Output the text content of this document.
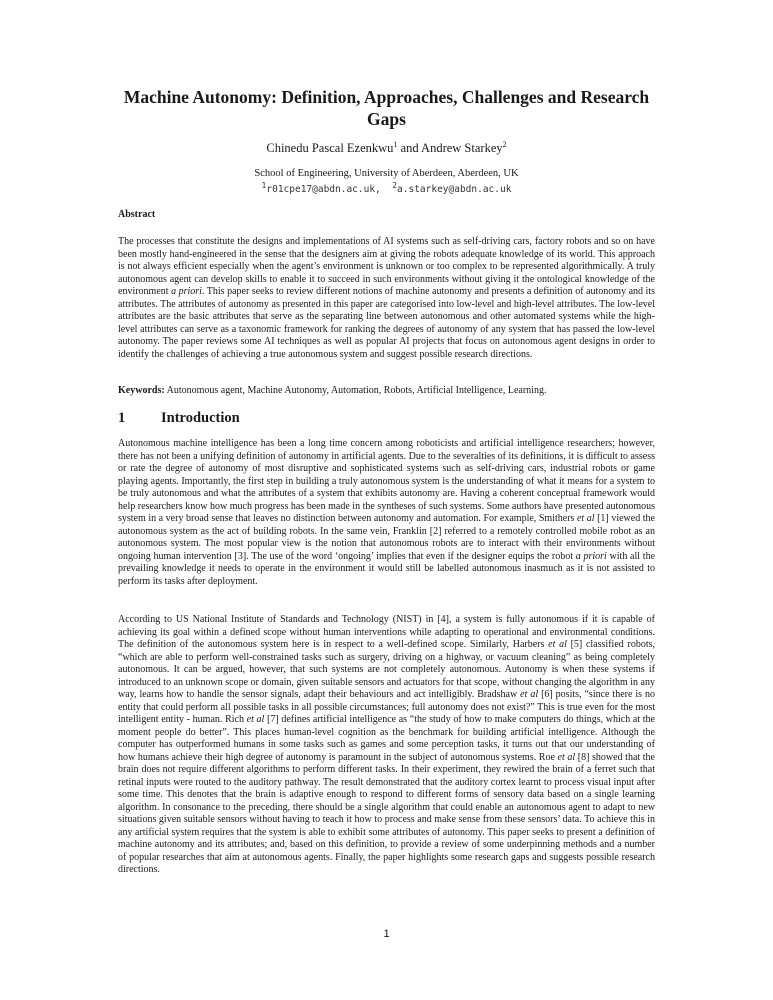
Machine Autonomy: Definition, Approaches, Challenges and Research Gaps
Chinedu Pascal Ezenkwu$^1$ and Andrew Starkey$^2$
School of Engineering, University of Aberdeen, Aberdeen, UK
$^1$r01cpe17@abdn.ac.uk, $^2$a.starkey@abdn.ac.uk
Abstract
The processes that constitute the designs and implementations of AI systems such as self-driving cars, factory robots and so on have been mostly hand-engineered in the sense that the designers aim at giving the robots adequate knowledge of its world. This approach is not always efficient especially when the agent’s environment is unknown or too complex to be represented algorithmically. A truly autonomous agent can develop skills to enable it to succeed in such environments without giving it the ontological knowledge of the environment a priori. This paper seeks to review different notions of machine autonomy and presents a definition of autonomy and its attributes. The attributes of autonomy as presented in this paper are categorised into low-level and high-level attributes. The low-level attributes are the basic attributes that serve as the separating line between autonomous and other automated systems while the high-level attributes can serve as a taxonomic framework for ranking the degrees of autonomy of any system that has passed the low-level autonomy. The paper reviews some AI techniques as well as popular AI projects that focus on autonomous agent designs in order to identify the challenges of achieving a true autonomous system and suggest possible research directions.
Keywords: Autonomous agent, Machine Autonomy, Automation, Robots, Artificial Intelligence, Learning.
1 Introduction
Autonomous machine intelligence has been a long time concern among roboticists and artificial intelligence researchers; however, there has not been a unifying definition of autonomy in artificial agents. Due to the severalties of its definitions, it is difficult to assess or rate the degree of autonomy of most disruptive and sophisticated systems such as self-driving cars, industrial robots or game playing agents. Importantly, the first step in building a truly autonomous system is the understanding of what it means for a system to be truly autonomous and what the attributes of a system that exhibits autonomy are. Having a coherent conceptual framework would help researchers know how much progress has been made in the syntheses of such systems. Some authors have presented autonomous system in a very broad sense that leaves no distinction between autonomy and automation. For example, Smithers et al [1] viewed the autonomous system as the act of building robots. In the same vein, Franklin [2] referred to a remotely controlled mobile robot as an autonomous system. The most popular view is the notion that autonomous robots are to interact with their environments without ongoing human intervention [3]. The use of the word ‘ongoing’ implies that even if the designer equips the robot a priori with all the prevailing knowledge it needs to operate in the environment it would still be labelled autonomous inasmuch as it is not assisted to perform its tasks after deployment.
According to US National Institute of Standards and Technology (NIST) in [4], a system is fully autonomous if it is capable of achieving its goal within a defined scope without human interventions while adapting to operational and environmental conditions. The definition of the autonomous system here is in respect to a well-defined scope. Similarly, Harbers et al [5] classified robots, “which are able to perform well-constrained tasks such as surgery, driving on a highway, or vacuum cleaning” as being completely autonomous. It can be argued, however, that such systems are not completely autonomous. Autonomy is when these systems if introduced to an unknown scope or domain, given suitable sensors and actuators for that scope, without changing the algorithm in any way, learns how to handle the sensor signals, adapt their behaviours and act intelligibly. Bradshaw et al [6] posits, “since there is no entity that could perform all possible tasks in all possible circumstances; full autonomy does not exist?” This is true even for the most intelligent entity - human. Rich et al [7] defines artificial intelligence as “the study of how to make computers do things, which at the moment people do better”. This places human-level cognition as the benchmark for building artificial intelligence. Although the computer has outperformed humans in some tasks such as games and some perception tasks, it turns out that our understanding of how humans achieve their high degree of autonomy is paramount in the subject of autonomous systems. Roe et al [8] showed that the brain does not require different algorithms to perform different tasks. In their experiment, they rewired the brain of a ferret such that retinal inputs were routed to the auditory pathway. The result demonstrated that the auditory cortex learnt to process visual input after some time. This denotes that the brain is adaptive enough to respond to different forms of sensory data based on a single learning algorithm. In consonance to the preceding, there should be a single algorithm that could enable an autonomous agent to adapt to new situations given suitable sensors without having to teach it how to process and make sense from these sensors’ data. To achieve this in any artificial system requires that the system is able to exhibit some attributes of autonomy. This paper seeks to present a definition of machine autonomy and its attributes; and, based on this definition, to provide a review of some underpinning methods and a number of popular researches that aim at autonomous agents. Finally, the paper highlights some research gaps and suggests possible research directions.
1
